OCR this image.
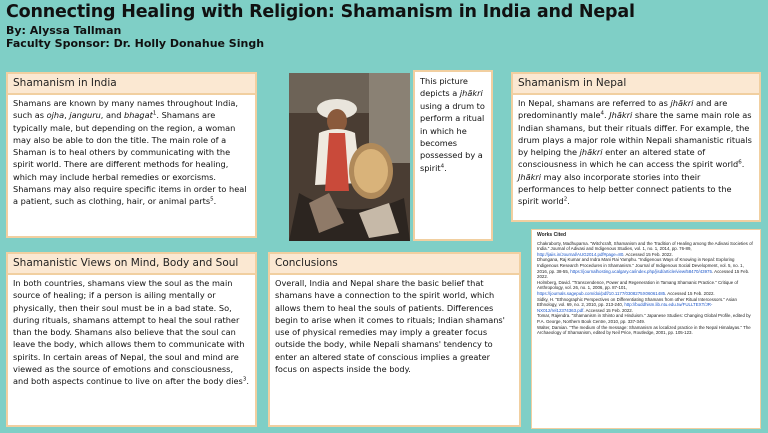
Connecting Healing with Religion: Shamanism in India and Nepal
By: Alyssa Tallman
Faculty Sponsor: Dr. Holly Donahue Singh
Shamanism in India
Shamans are known by many names throughout India, such as ojha, janguru, and bhagat$^1$. Shamans are typically male, but depending on the region, a woman may also be able to don the title. The main role of a Shaman is to heal others by communicating with the spirit world. There are different methods for healing, which may include herbal remedies or exorcisms. Shamans may also require specific items in order to heal a patient, such as clothing, hair, or animal parts$^5$.
Shamanistic Views on Mind, Body and Soul
In both countries, shamans view the soul as the main source of healing; if a person is ailing mentally or physically, then their soul must be in a bad state. So, during rituals, shamans attempt to heal the soul rather than the body. Shamans also believe that the soul can leave the body, which allows them to communicate with spirits. In certain areas of Nepal, the soul and mind are viewed as the source of emotions and consciousness, and both aspects continue to live on after the body dies$^3$.
This picture depicts a jhãkri using a drum to perform a ritual in which he becomes possessed by a spirit$^4$.
Conclusions
Overall, India and Nepal share the basic belief that shamans have a connection to the spirit world, which allows them to heal the souls of patients. Differences begin to arise when it comes to rituals; Indian shamans' use of physical remedies may imply a greater focus outside the body, while Nepali shamans' tendency to enter an altered state of conscious implies a greater focus on aspects inside the body.
Shamanism in Nepal
In Nepal, shamans are referred to as jhãkri and are predominantly male$^4$. Jhãkri share the same main role as Indian shamans, but their rituals differ. For example, the drum plays a major role within Nepali shamanistic rituals by helping the jhãkri enter an altered state of consciousness in which he can access the spirit world$^6$. Jhãkri may also incorporate stories into their performances to help better connect patients to the spirit world$^2$.
Works Cited

Chakraborty, Madhuparna. "Witchcraft, Shamanism and the Tradition of Healing among the Adivasi Societies of India." Journal of Adivasi and Indigenous Studies, vol. 1, no. 1, 2014, pp. 76-89, http://jaiis.in/Journal/AUG2014.pdf#page=80. Accessed 15 Feb. 2022.

Dhungana, Raj Kumar and Indra Mani Rai Yamphu. "Indigenous Ways of Knowing in Nepal: Exploring Indigenous Research Procedures in Shamanism." Journal of Indigenous Social Development, vol. 5, no. 1, 2016, pp. 38-55, https://journalhosting.ucalgary.ca/index.php/jisd/article/view/58470/43975. Accessed 15 Feb. 2022.

Holmberg, David. "Transcendence, Power and Regeneration in Tamang Shamanic Practice." Critique of Anthropology, vol. 26, no. 1, 2006, pp. 87-101, https://journals.sagepub.com/doi/pdf/10.1177/0308275X06061485. Accessed 15 Feb. 2022.

Sidky, H. "Ethnographic Perspectives on Differentiating Shamans from other Ritual Intercessors." Asian Ethnology, vol. 69, no. 2, 2010, pp. 213-240, http://buddhism.lib.ntu.edu.tw/FULLTEXT/JR-NX012/rel12374363.pdf. Accessed 15 Feb. 2022.

Tomar, Rajendra. "Shamanism in Shinto and Hinduism." Japanese Studies: Changing Global Profile, edited by P.A. George, Northern Book Centre, 2010, pp. 337-349.

Walter, Damian. "The medium of the message: Shamanism as localized practice in the Nepal Himalayas." The Archaeology of Shamanism, edited by Neil Price, Routledge, 2001, pp. 105-123.
